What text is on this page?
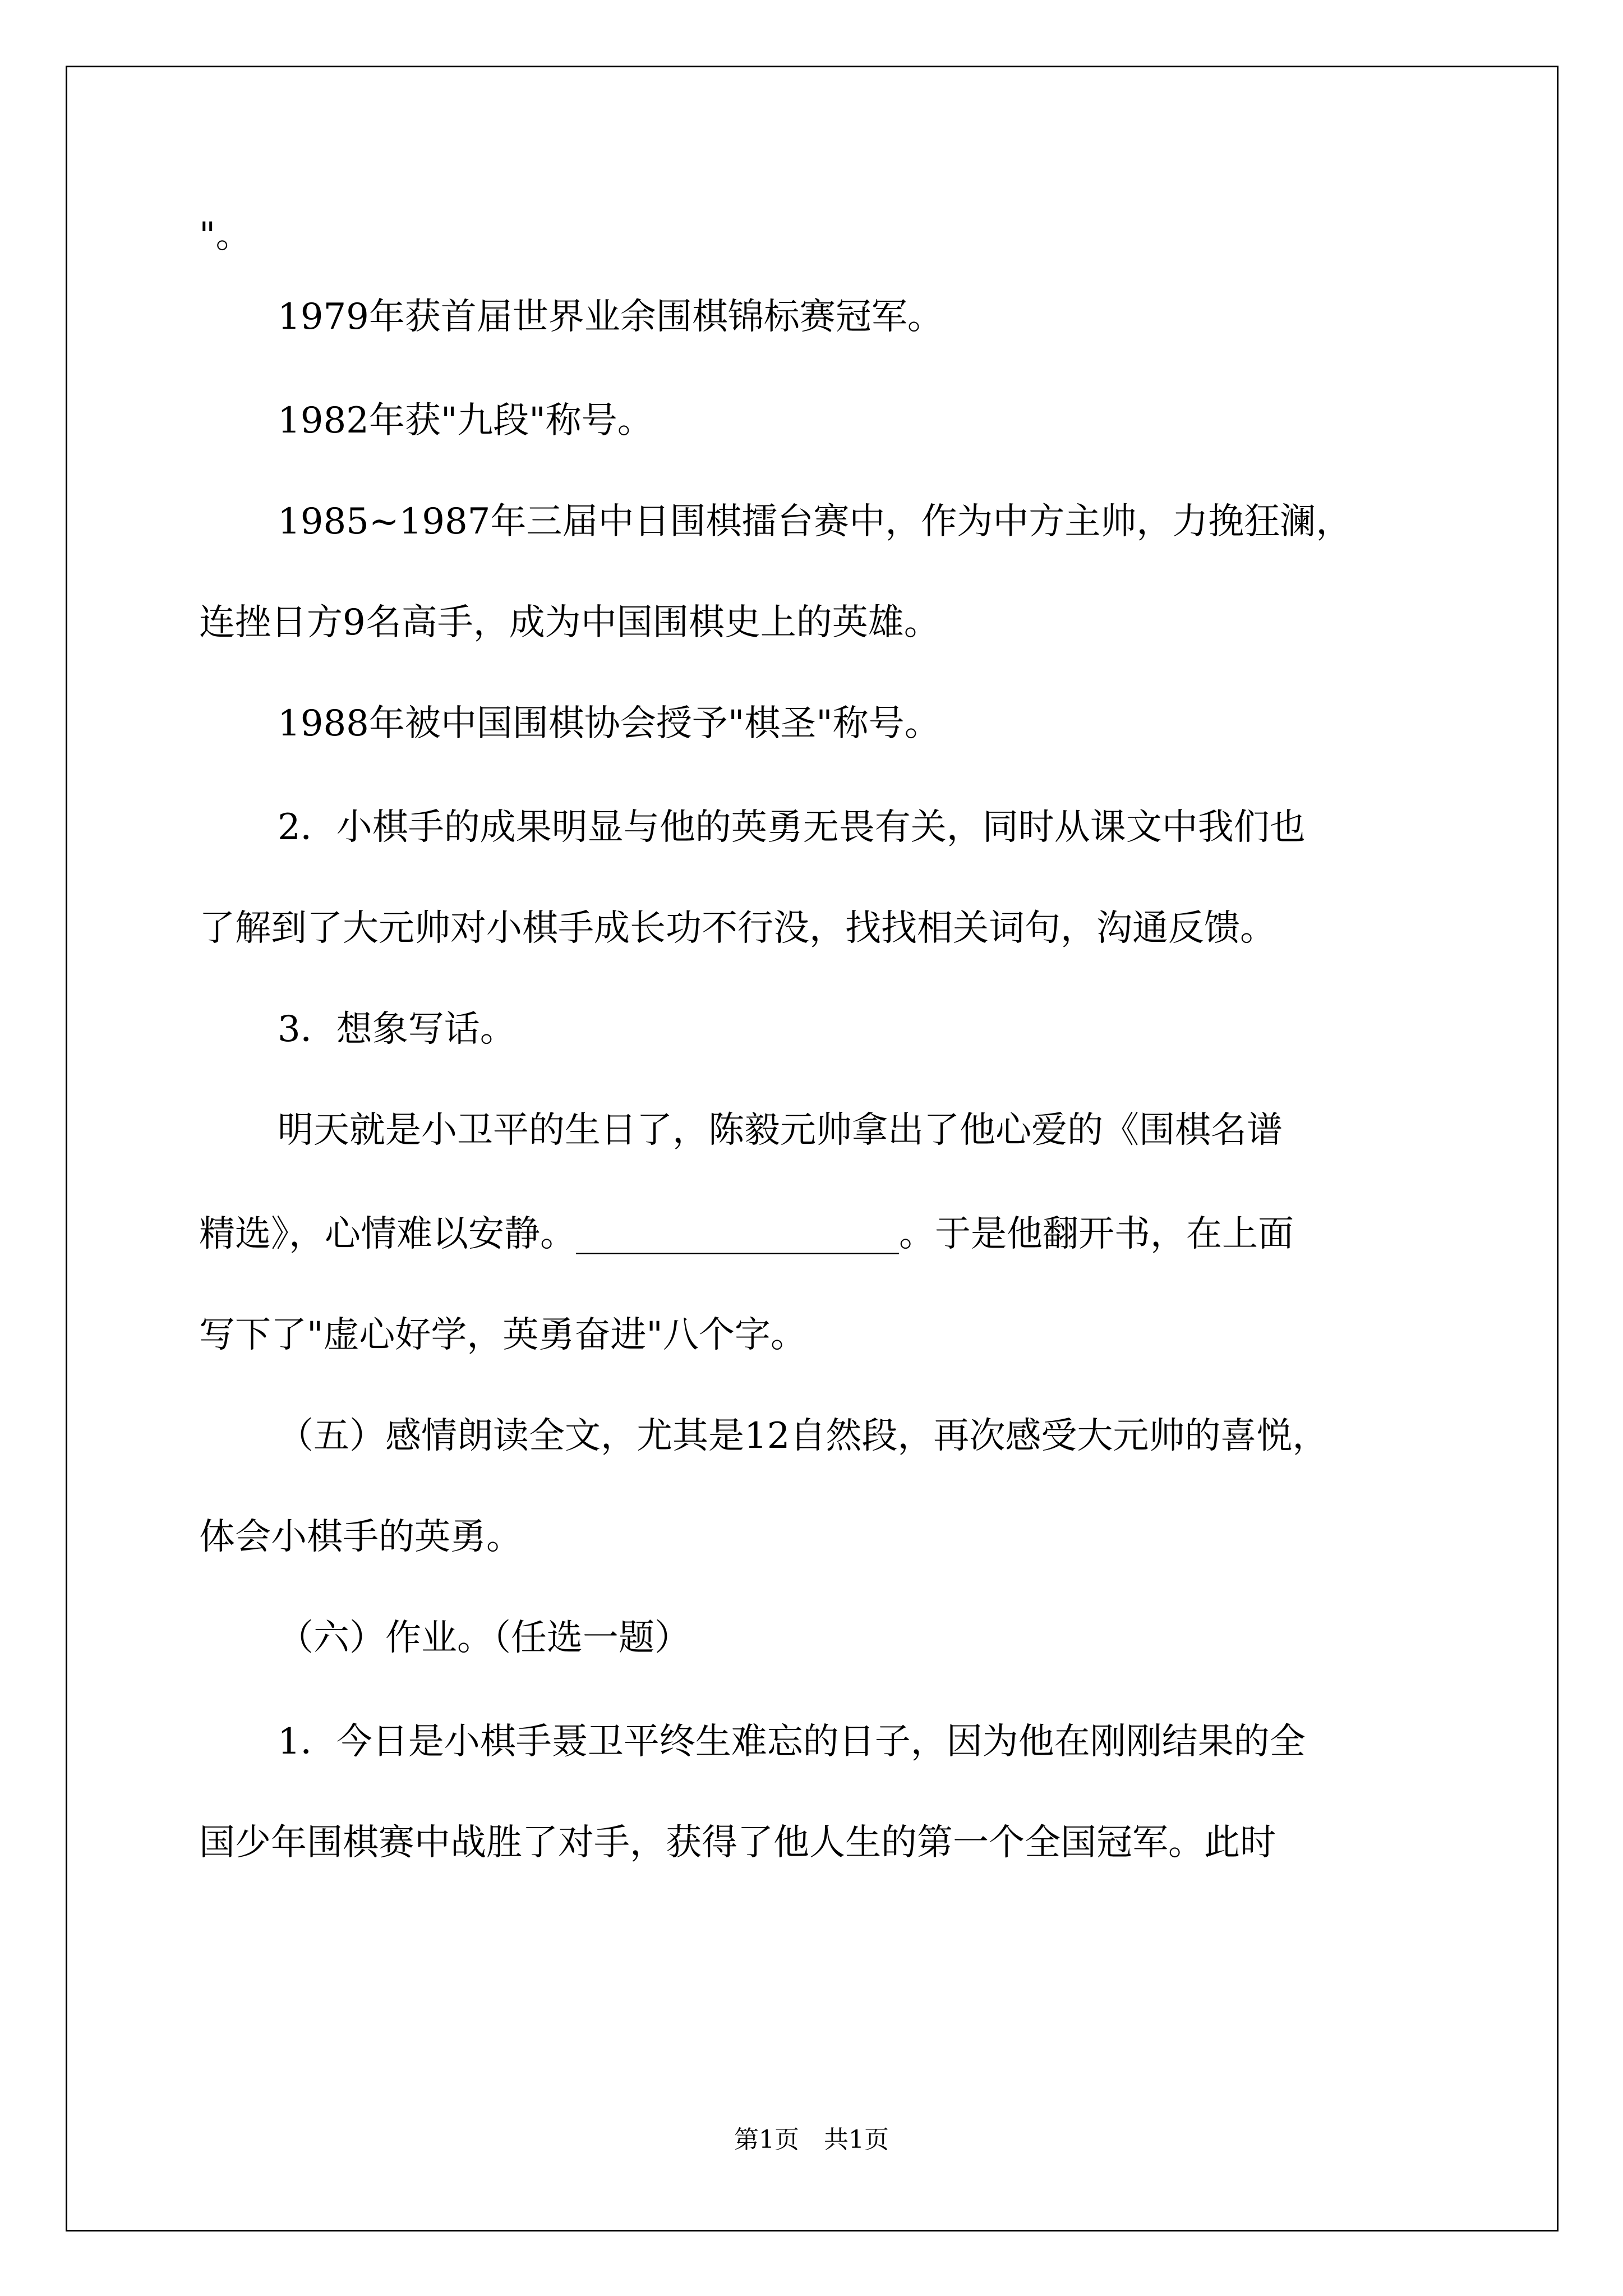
"。
1979年获首届世界业余围棋锦标赛冠军。
1982年获"九段"称号。
1985~1987年三届中日围棋擂台赛中，作为中方主帅，力挽狂澜，
连挫日方9名高手，成为中国围棋史上的英雄。
1988年被中国围棋协会授予"棋圣"称号。
2．小棋手的成果明显与他的英勇无畏有关，同时从课文中我们也
了解到了大元帅对小棋手成长功不行没，找找相关词句，沟通反馈。
3．想象写话。
明天就是小卫平的生日了，陈毅元帅拿出了他心爱的《围棋名谱
精选》，心情难以安静。__________________。于是他翻开书，在上面
写下了"虚心好学，英勇奋进"八个字。
（五）感情朗读全文，尤其是12自然段，再次感受大元帅的喜悦，
体会小棋手的英勇。
（六）作业。（任选一题）
1．今日是小棋手聂卫平终生难忘的日子，因为他在刚刚结果的全
国少年围棋赛中战胜了对手，获得了他人生的第一个全国冠军。此时
第1页　共1页
